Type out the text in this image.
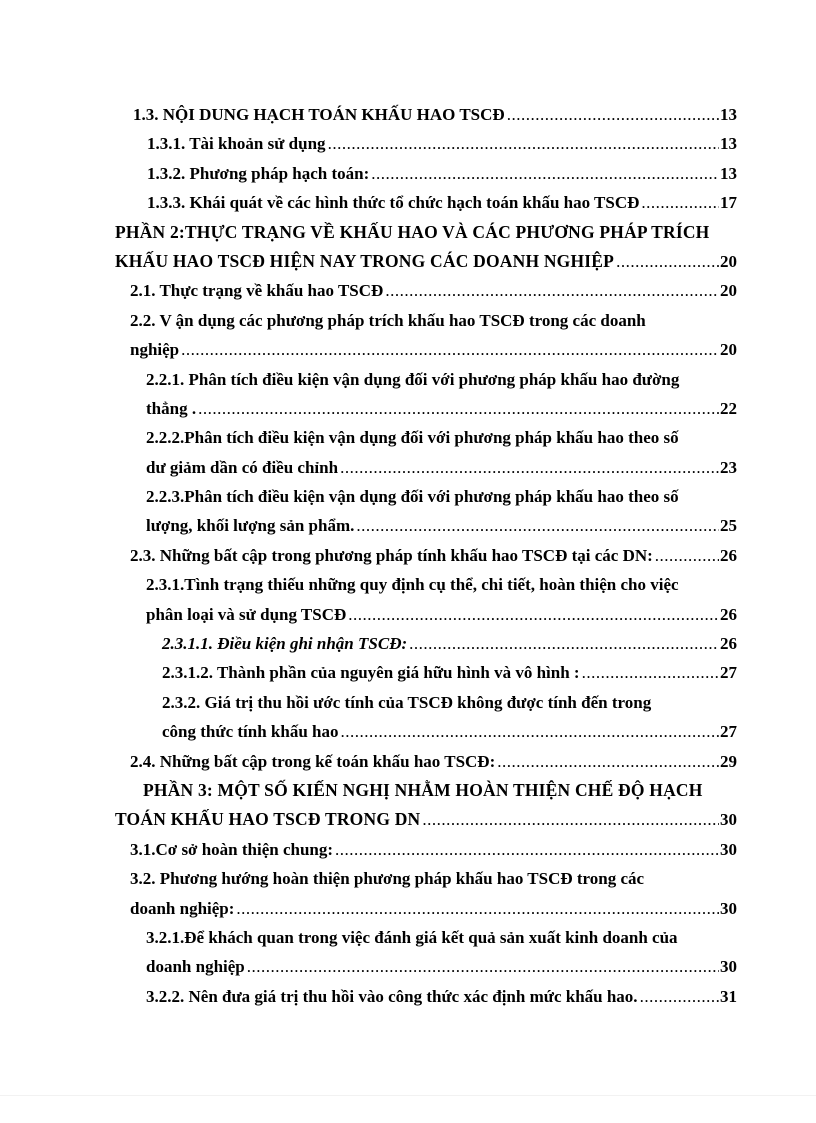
1.3. NỘI DUNG HẠCH TOÁN KHẤU HAO TSCĐ .....	13
1.3.1. Tài khoản sử dụng .....	13
1.3.2. Phương pháp hạch toán: .....	13
1.3.3. Khái quát về các hình thức tổ chức hạch toán khấu hao TSCĐ .....	17
PHẦN 2:THỰC TRẠNG VỀ KHẤU HAO VÀ CÁC PHƯƠNG PHÁP TRÍCH
KHẤU HAO TSCĐ HIỆN NAY TRONG CÁC DOANH NGHIỆP .....	20
2.1. Thực trạng về khấu hao TSCĐ .....	20
2.2. V ận dụng các phương pháp trích khấu hao TSCĐ trong các doanh
nghiệp .....	20
2.2.1. Phân tích điều kiện vận dụng đối với phương pháp khấu hao đường
thẳng . .....	22
2.2.2.Phân tích điều kiện vận dụng đối với phương pháp khấu hao theo số
dư giảm dần có điều chỉnh .....	23
2.2.3.Phân tích điều kiện vận dụng đối với phương pháp khấu hao theo số
lượng, khối lượng sản phẩm. .....	25
2.3. Những bất cập trong phương pháp tính khấu hao TSCĐ tại các DN: .....	26
2.3.1.Tình trạng thiếu những quy định cụ thể, chi tiết, hoàn thiện cho việc
phân loại và sử dụng TSCĐ .....	26
2.3.1.1. Điều kiện ghi nhận TSCĐ: .....	26
2.3.1.2. Thành phần của nguyên giá hữu hình và vô hình : .....	27
2.3.2. Giá trị thu hồi ước tính của TSCĐ không được tính đến trong
công thức tính khấu hao .....	27
2.4. Những bất cập trong kế toán khấu hao TSCĐ: .....	29
PHẦN 3: MỘT SỐ KIẾN NGHỊ NHẰM HOÀN THIỆN CHẾ ĐỘ HẠCH
TOÁN KHẤU HAO TSCĐ TRONG DN .....	30
3.1.Cơ sở hoàn thiện chung: .....	30
3.2. Phương hướng hoàn thiện phương pháp khấu hao TSCĐ trong các
doanh nghiệp: .....	30
3.2.1.Để khách quan trong việc đánh giá kết quả sản xuất kinh doanh của
doanh nghiệp .....	30
3.2.2. Nên đưa giá trị thu hồi vào công thức xác định mức khấu hao. .....	31
